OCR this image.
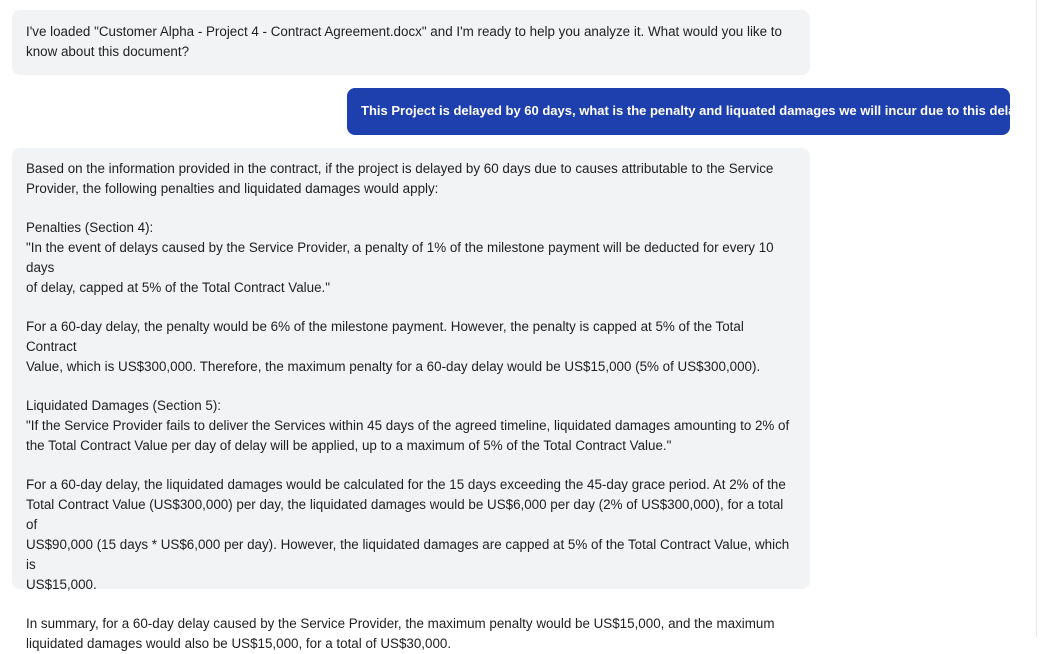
I've loaded "Customer Alpha - Project 4 - Contract Agreement.docx" and I'm ready to help you analyze it. What would you like to
know about this document?

This Project is delayed by 60 days, what is the penalty and liquated damages we will incur due to this delay ?

Based on the information provided in the contract, if the project is delayed by 60 days due to causes attributable to the Service
Provider, the following penalties and liquidated damages would apply:

Penalties (Section 4):
"In the event of delays caused by the Service Provider, a penalty of 1% of the milestone payment will be deducted for every 10 days
of delay, capped at 5% of the Total Contract Value."

For a 60-day delay, the penalty would be 6% of the milestone payment. However, the penalty is capped at 5% of the Total Contract
Value, which is US$300,000. Therefore, the maximum penalty for a 60-day delay would be US$15,000 (5% of US$300,000).

Liquidated Damages (Section 5):
"If the Service Provider fails to deliver the Services within 45 days of the agreed timeline, liquidated damages amounting to 2% of
the Total Contract Value per day of delay will be applied, up to a maximum of 5% of the Total Contract Value."

For a 60-day delay, the liquidated damages would be calculated for the 15 days exceeding the 45-day grace period. At 2% of the
Total Contract Value (US$300,000) per day, the liquidated damages would be US$6,000 per day (2% of US$300,000), for a total of
US$90,000 (15 days * US$6,000 per day). However, the liquidated damages are capped at 5% of the Total Contract Value, which is
US$15,000.

In summary, for a 60-day delay caused by the Service Provider, the maximum penalty would be US$15,000, and the maximum
liquidated damages would also be US$15,000, for a total of US$30,000.
